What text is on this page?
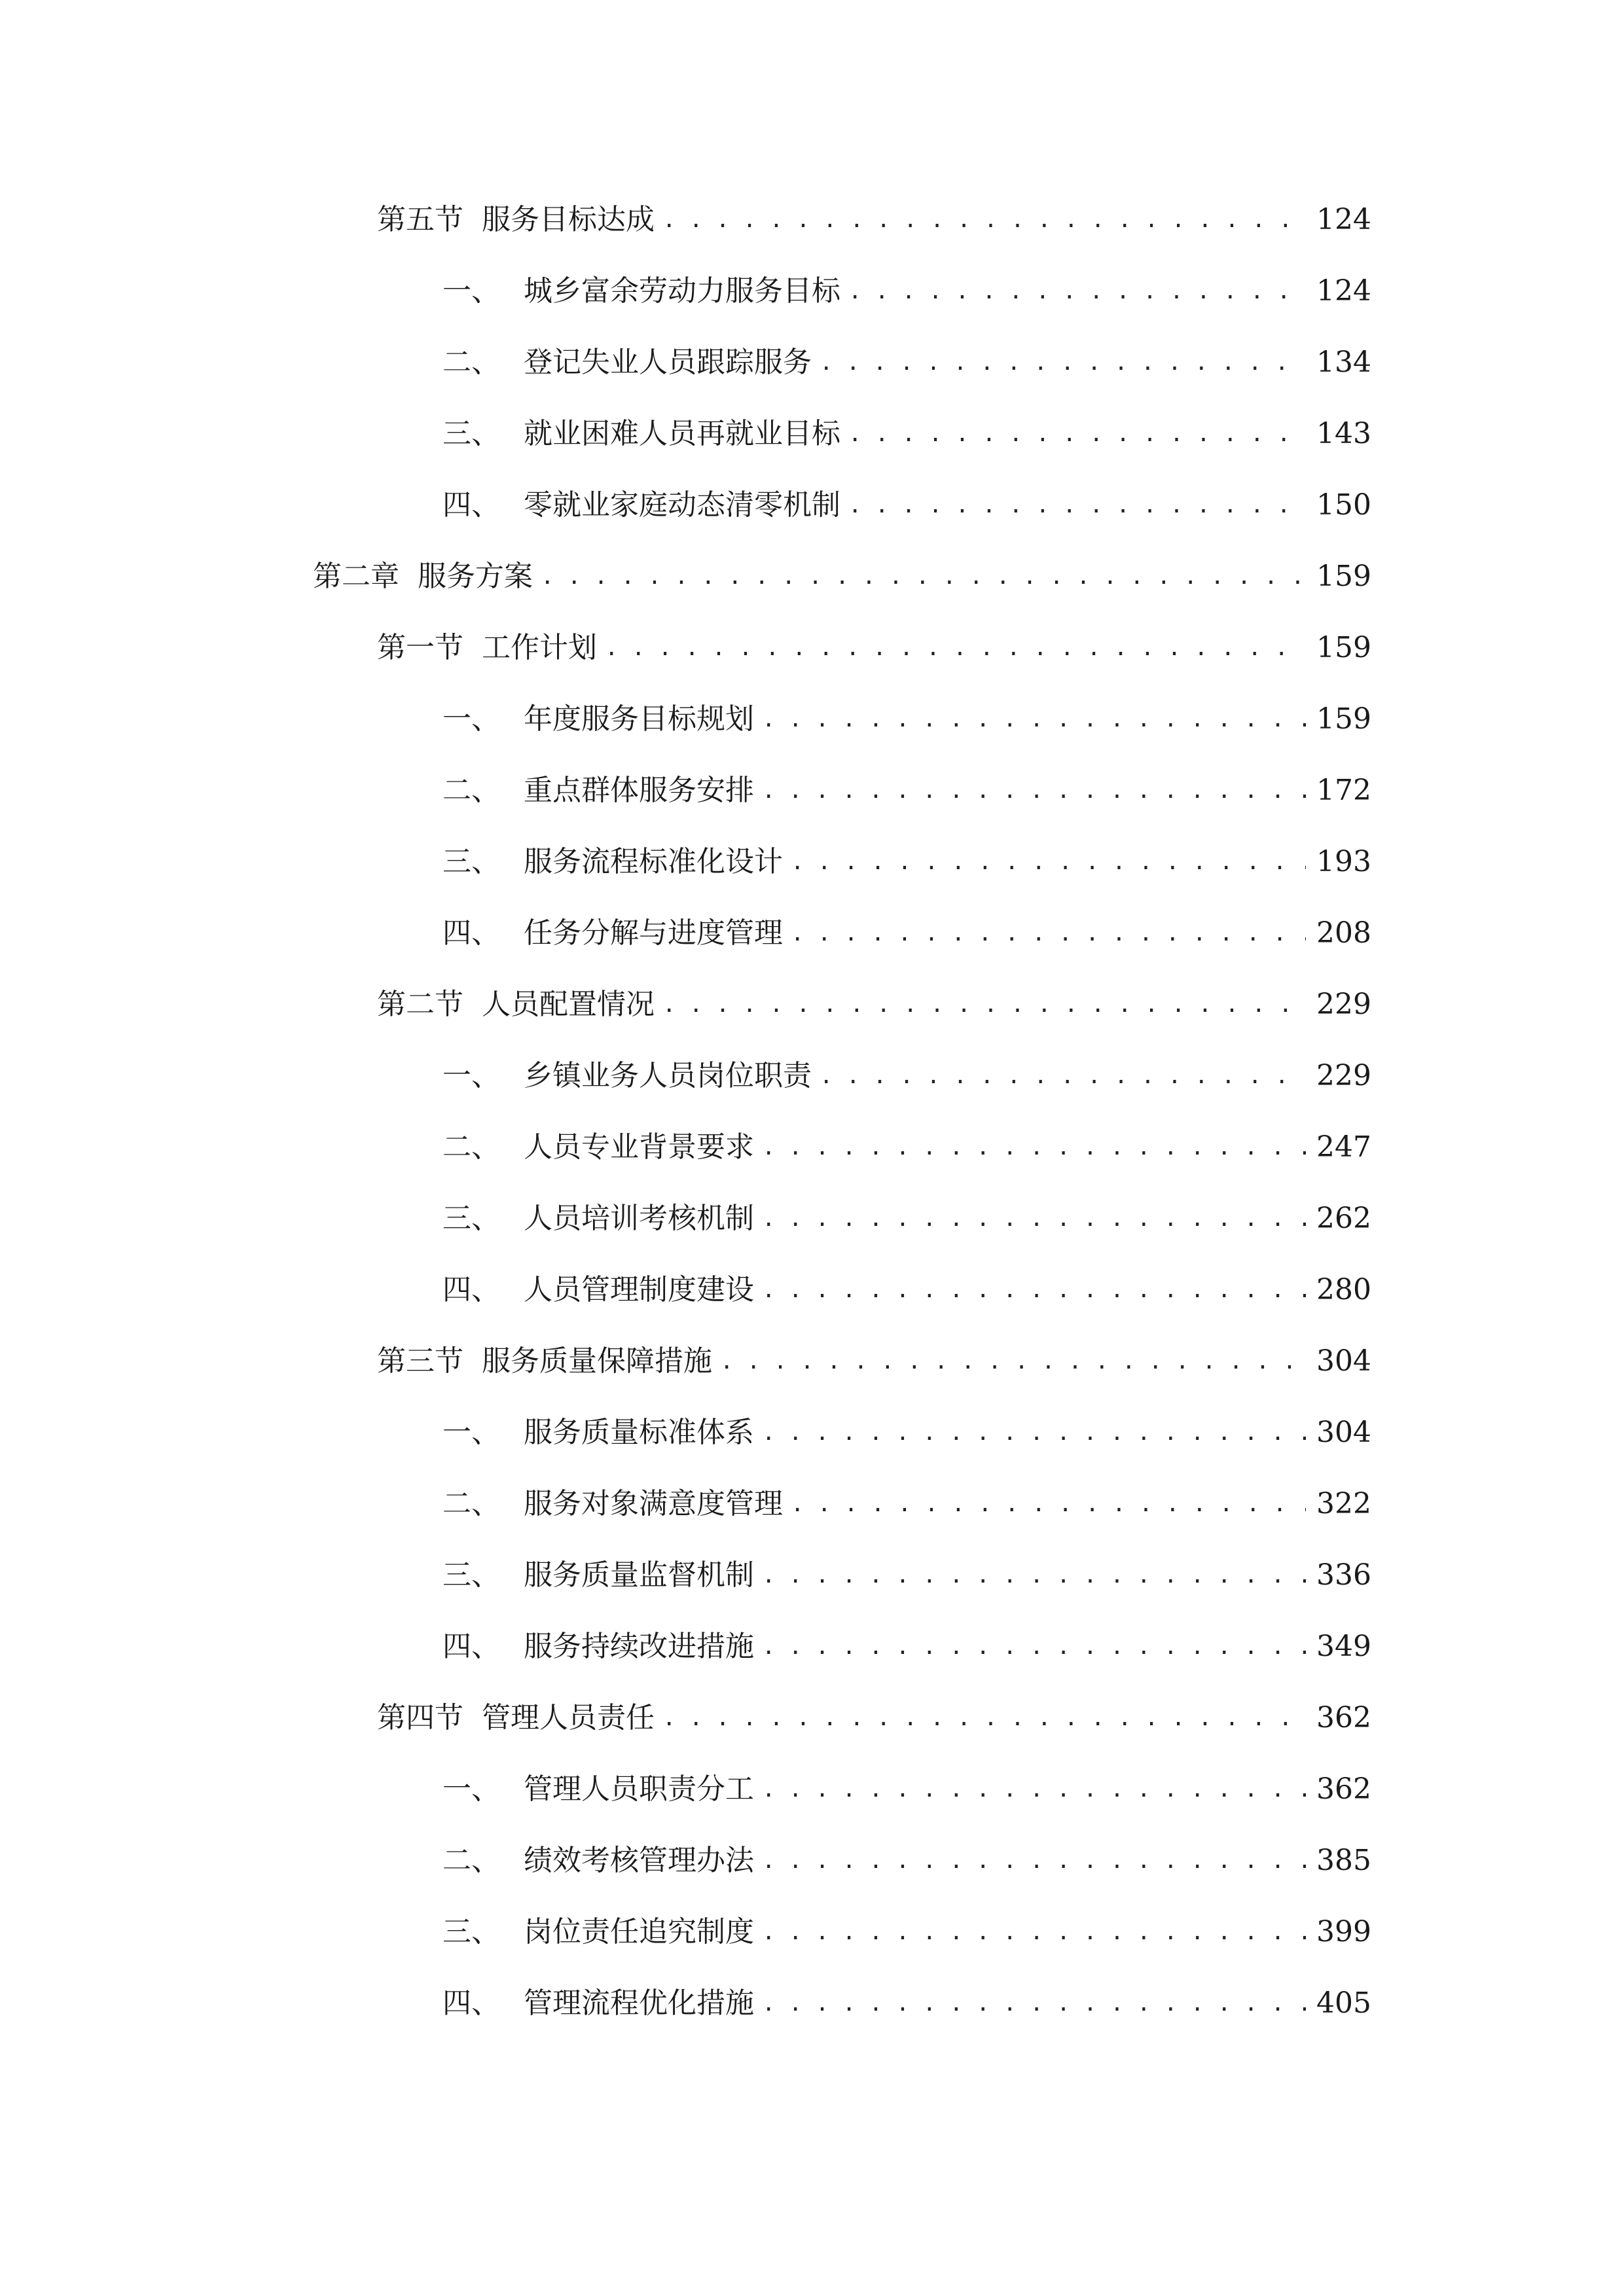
第五节 服务目标达成 . . .	124
一、 城乡富余劳动力服务目标 . . .	124
二、 登记失业人员跟踪服务 . . .	134
三、 就业困难人员再就业目标 . . .	143
四、 零就业家庭动态清零机制 . . .	150
第二章 服务方案 . . .	159
第一节 工作计划 . . .	159
一、 年度服务目标规划 . . .	159
二、 重点群体服务安排 . . .	172
三、 服务流程标准化设计 . . .	193
四、 任务分解与进度管理 . . .	208
第二节 人员配置情况 . . .	229
一、 乡镇业务人员岗位职责 . . .	229
二、 人员专业背景要求 . . .	247
三、 人员培训考核机制 . . .	262
四、 人员管理制度建设 . . .	280
第三节 服务质量保障措施 . . .	304
一、 服务质量标准体系 . . .	304
二、 服务对象满意度管理 . . .	322
三、 服务质量监督机制 . . .	336
四、 服务持续改进措施 . . .	349
第四节 管理人员责任 . . .	362
一、 管理人员职责分工 . . .	362
二、 绩效考核管理办法 . . .	385
三、 岗位责任追究制度 . . .	399
四、 管理流程优化措施 . . .	405
